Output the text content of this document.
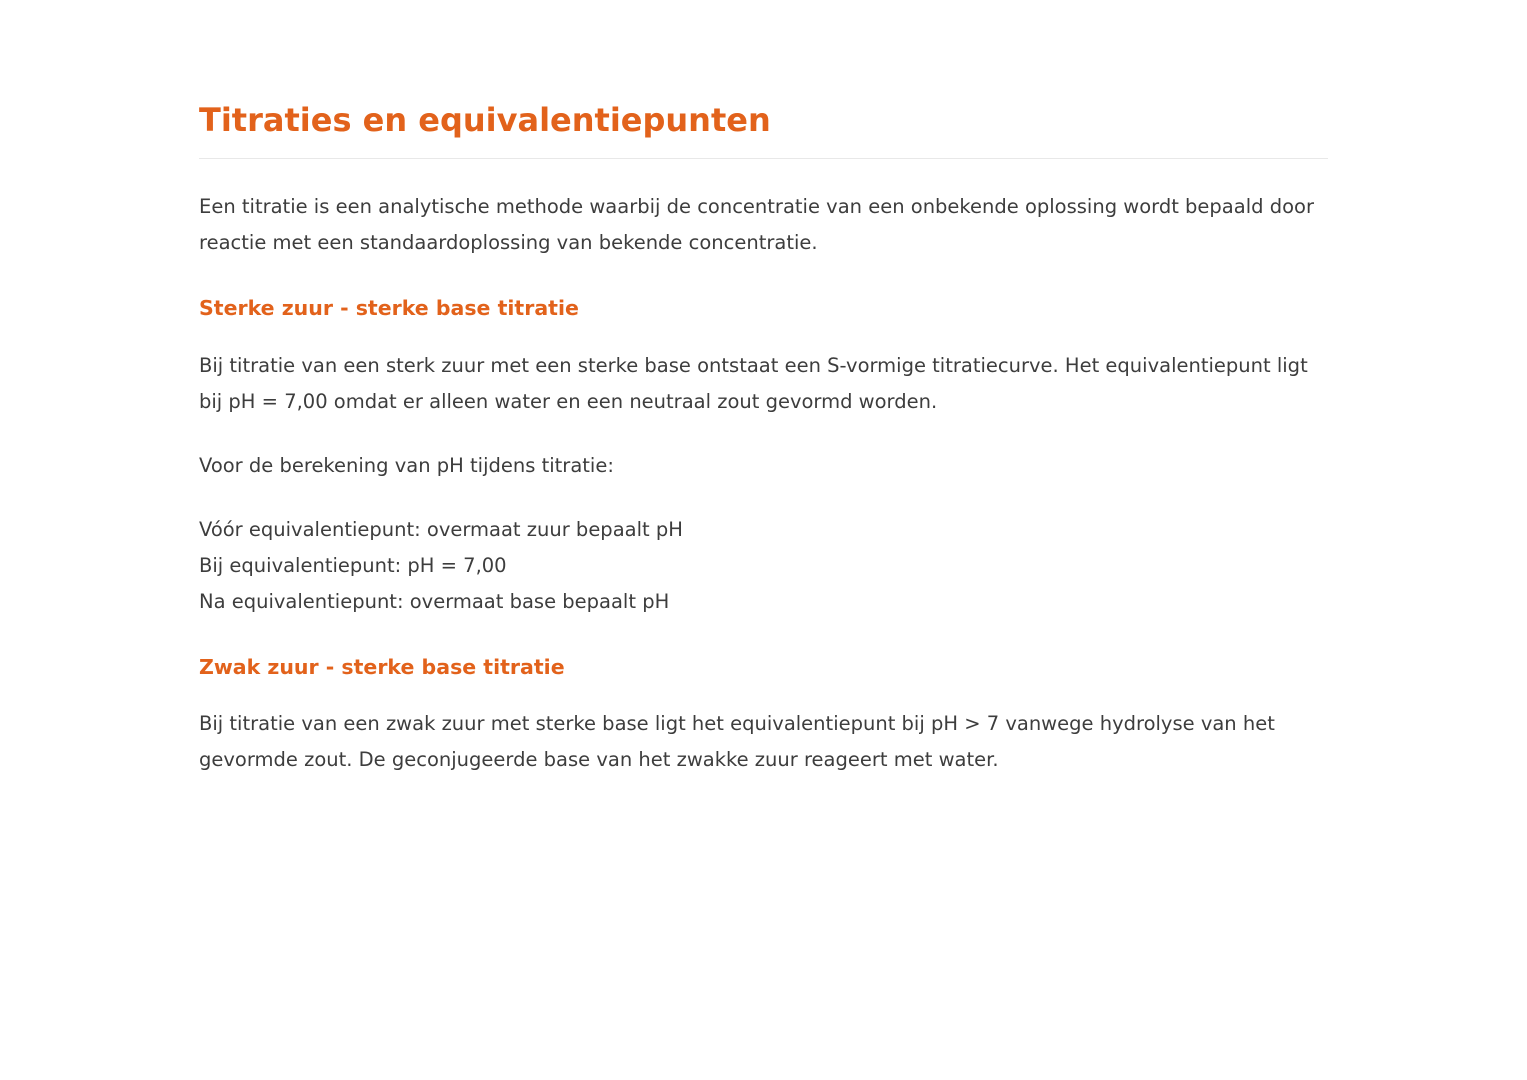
Titraties en equivalentiepunten

Een titratie is een analytische methode waarbij de concentratie van een onbekende oplossing wordt bepaald door reactie met een standaardoplossing van bekende concentratie.

Sterke zuur - sterke base titratie

Bij titratie van een sterk zuur met een sterke base ontstaat een S-vormige titratiecurve. Het equivalentiepunt ligt bij pH = 7,00 omdat er alleen water en een neutraal zout gevormd worden.

Voor de berekening van pH tijdens titratie:

Vóór equivalentiepunt: overmaat zuur bepaalt pH
Bij equivalentiepunt: pH = 7,00
Na equivalentiepunt: overmaat base bepaalt pH

Zwak zuur - sterke base titratie

Bij titratie van een zwak zuur met sterke base ligt het equivalentiepunt bij pH > 7 vanwege hydrolyse van het gevormde zout. De geconjugeerde base van het zwakke zuur reageert met water.
